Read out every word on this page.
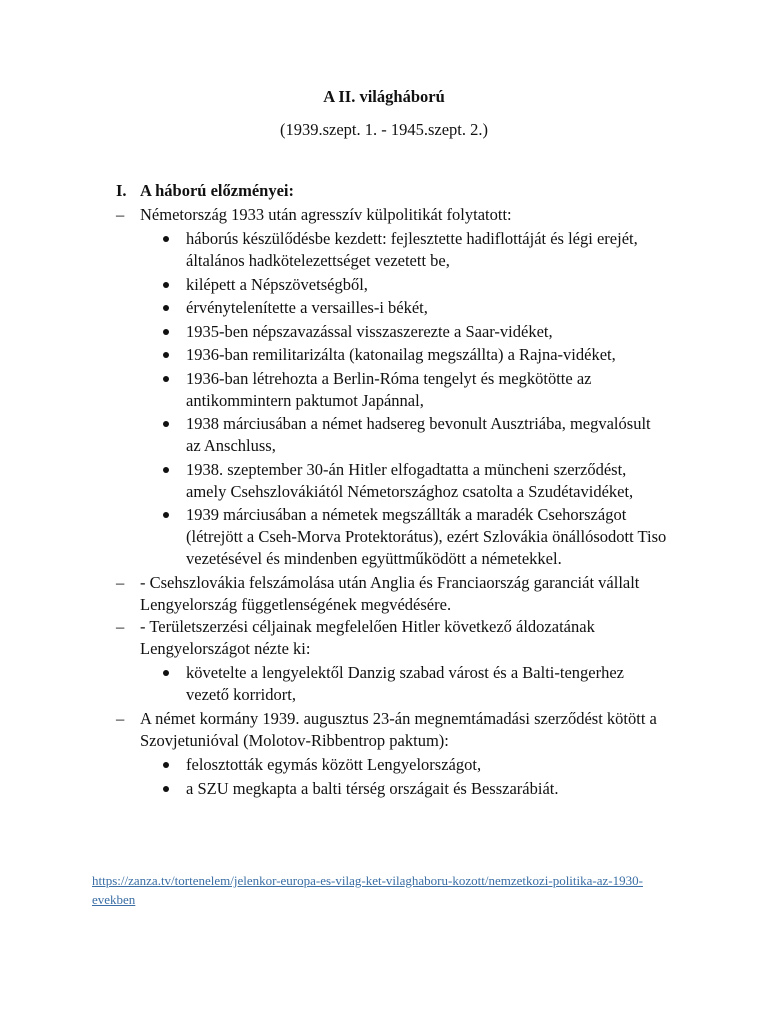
A II. világháború
(1939.szept. 1. - 1945.szept. 2.)
I. A háború előzményei:
– Németország 1933 után agresszív külpolitikát folytatott:
háborús készülődésbe kezdett: fejlesztette hadiflottáját és légi erejét, általános hadkötelezettséget vezetett be,
kilépett a Népszövetségből,
érvénytelenítette a versailles-i békét,
1935-ben népszavazással visszaszerezte a Saar-vidéket,
1936-ban remilitarizálta (katonailag megszállta) a Rajna-vidéket,
1936-ban létrehozta a Berlin-Róma tengelyt és megkötötte az antikommintern paktumot Japánnal,
1938 márciusában a német hadsereg bevonult Ausztriába, megvalósult az Anschluss,
1938. szeptember 30-án Hitler elfogadtatta a müncheni szerződést, amely Csehszlovákiától Németországhoz csatolta a Szudétavidéket,
1939 márciusában a németek megszállták a maradék Csehországot (létrejött a Cseh-Morva Protektorátus), ezért Szlovákia önállósodott Tiso vezetésével és mindenben együttműködött a németekkel.
– - Csehszlovákia felszámolása után Anglia és Franciaország garanciát vállalt Lengyelország függetlenségének megvédésére.
– - Területszerzési céljainak megfelelően Hitler következő áldozatának Lengyelországot nézte ki:
követelte a lengyelektől Danzig szabad várost és a Balti-tengerhez vezető korridort,
– A német kormány 1939. augusztus 23-án megnemtámadási szerződést kötött a Szovjetunióval (Molotov-Ribbentrop paktum):
felosztották egymás között Lengyelországot,
a SZU megkapta a balti térség országait és Besszarábiát.
https://zanza.tv/tortenelem/jelenkor-europa-es-vilag-ket-vilaghaboru-kozott/nemzetkozi-politika-az-1930-evekben
